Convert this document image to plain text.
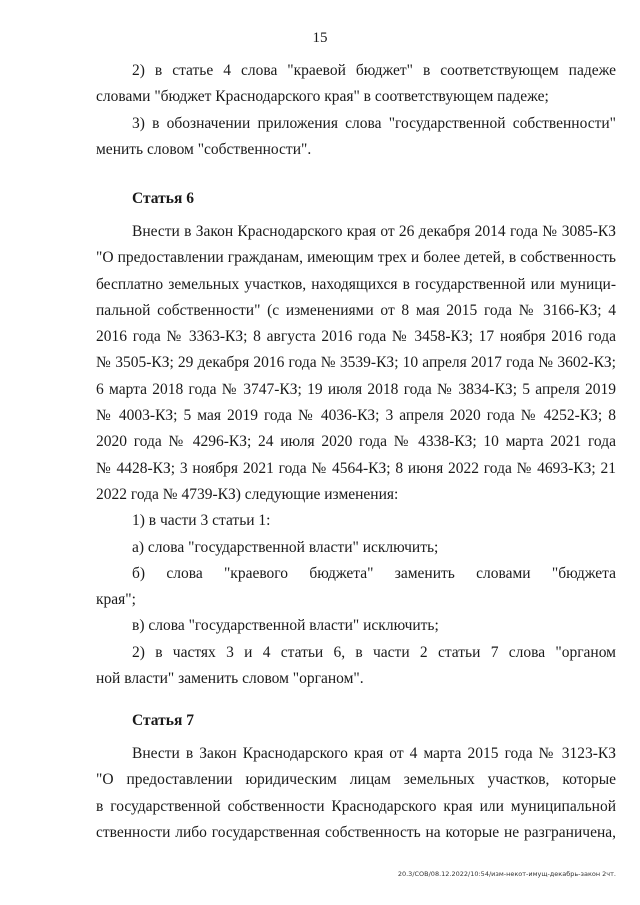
15
2) в статье 4 слова "краевой бюджет" в соответствующем падеже
словами "бюджет Краснодарского края" в соответствующем падеже;
3) в обозначении приложения слова "государственной собственности"
менить словом "собственности".
Статья 6
Внести в Закон Краснодарского края от 26 декабря 2014 года № 3085-КЗ
"О предоставлении гражданам, имеющим трех и более детей, в собственность
бесплатно земельных участков, находящихся в государственной или муници-
пальной собственности" (с изменениями от 8 мая 2015 года № 3166-КЗ; 4
2016 года № 3363-КЗ; 8 августа 2016 года № 3458-КЗ; 17 ноября 2016 года
№ 3505-КЗ; 29 декабря 2016 года № 3539-КЗ; 10 апреля 2017 года № 3602-КЗ;
6 марта 2018 года № 3747-КЗ; 19 июля 2018 года № 3834-КЗ; 5 апреля 2019
№ 4003-КЗ; 5 мая 2019 года № 4036-КЗ; 3 апреля 2020 года № 4252-КЗ; 8
2020 года № 4296-КЗ; 24 июля 2020 года № 4338-КЗ; 10 марта 2021 года
№ 4428-КЗ; 3 ноября 2021 года № 4564-КЗ; 8 июня 2022 года № 4693-КЗ; 21
2022 года № 4739-КЗ) следующие изменения:
1) в части 3 статьи 1:
а) слова "государственной власти" исключить;
б) слова "краевого бюджета" заменить словами "бюджета
края";
в) слова "государственной власти" исключить;
2) в частях 3 и 4 статьи 6, в части 2 статьи 7 слова "органом
ной власти" заменить словом "органом".
Статья 7
Внести в Закон Краснодарского края от 4 марта 2015 года № 3123-КЗ
"О предоставлении юридическим лицам земельных участков, которые
в государственной собственности Краснодарского края или муниципальной
ственности либо государственная собственность на которые не разграничена,
20.3/СОВ/08.12.2022/10:54/изм-некот-имущ-декабрь-закон 2чт.
